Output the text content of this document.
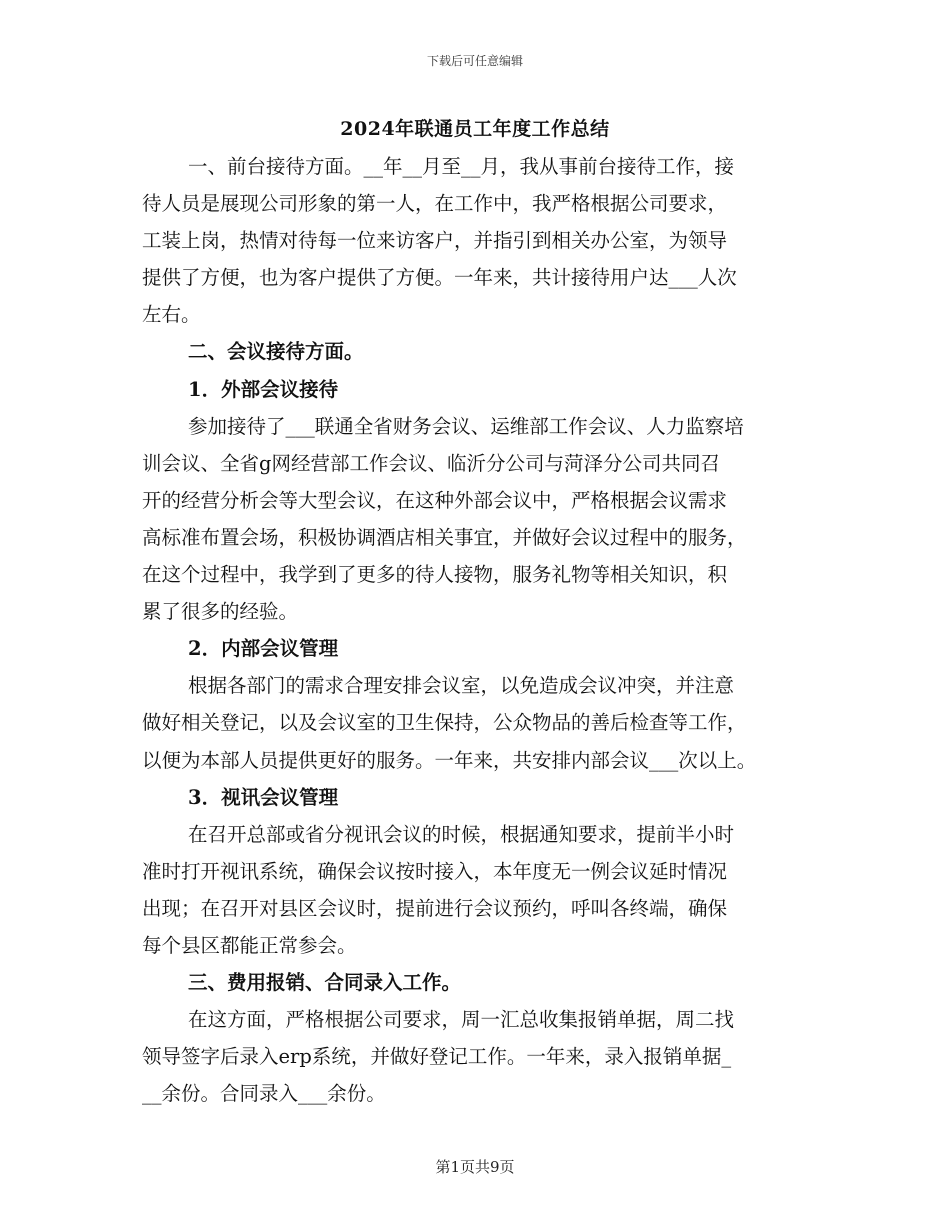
下载后可任意编辑
2024年联通员工年度工作总结

一、前台接待方面。__年__月至__月，我从事前台接待工作，接

待人员是展现公司形象的第一人，在工作中，我严格根据公司要求，

工装上岗，热情对待每一位来访客户，并指引到相关办公室，为领导

提供了方便，也为客户提供了方便。一年来，共计接待用户达___人次

左右。

二、会议接待方面。

1．外部会议接待

参加接待了___联通全省财务会议、运维部工作会议、人力监察培

训会议、全省g网经营部工作会议、临沂分公司与菏泽分公司共同召

开的经营分析会等大型会议，在这种外部会议中，严格根据会议需求

高标准布置会场，积极协调酒店相关事宜，并做好会议过程中的服务，

在这个过程中，我学到了更多的待人接物，服务礼物等相关知识，积

累了很多的经验。

2．内部会议管理

根据各部门的需求合理安排会议室，以免造成会议冲突，并注意

做好相关登记，以及会议室的卫生保持，公众物品的善后检查等工作，

以便为本部人员提供更好的服务。一年来，共安排内部会议___次以上。

3．视讯会议管理

在召开总部或省分视讯会议的时候，根据通知要求，提前半小时

准时打开视讯系统，确保会议按时接入，本年度无一例会议延时情况

出现；在召开对县区会议时，提前进行会议预约，呼叫各终端，确保

每个县区都能正常参会。

三、费用报销、合同录入工作。

在这方面，严格根据公司要求，周一汇总收集报销单据，周二找

领导签字后录入erp系统，并做好登记工作。一年来，录入报销单据_

__余份。合同录入___余份。

第1页共9页
